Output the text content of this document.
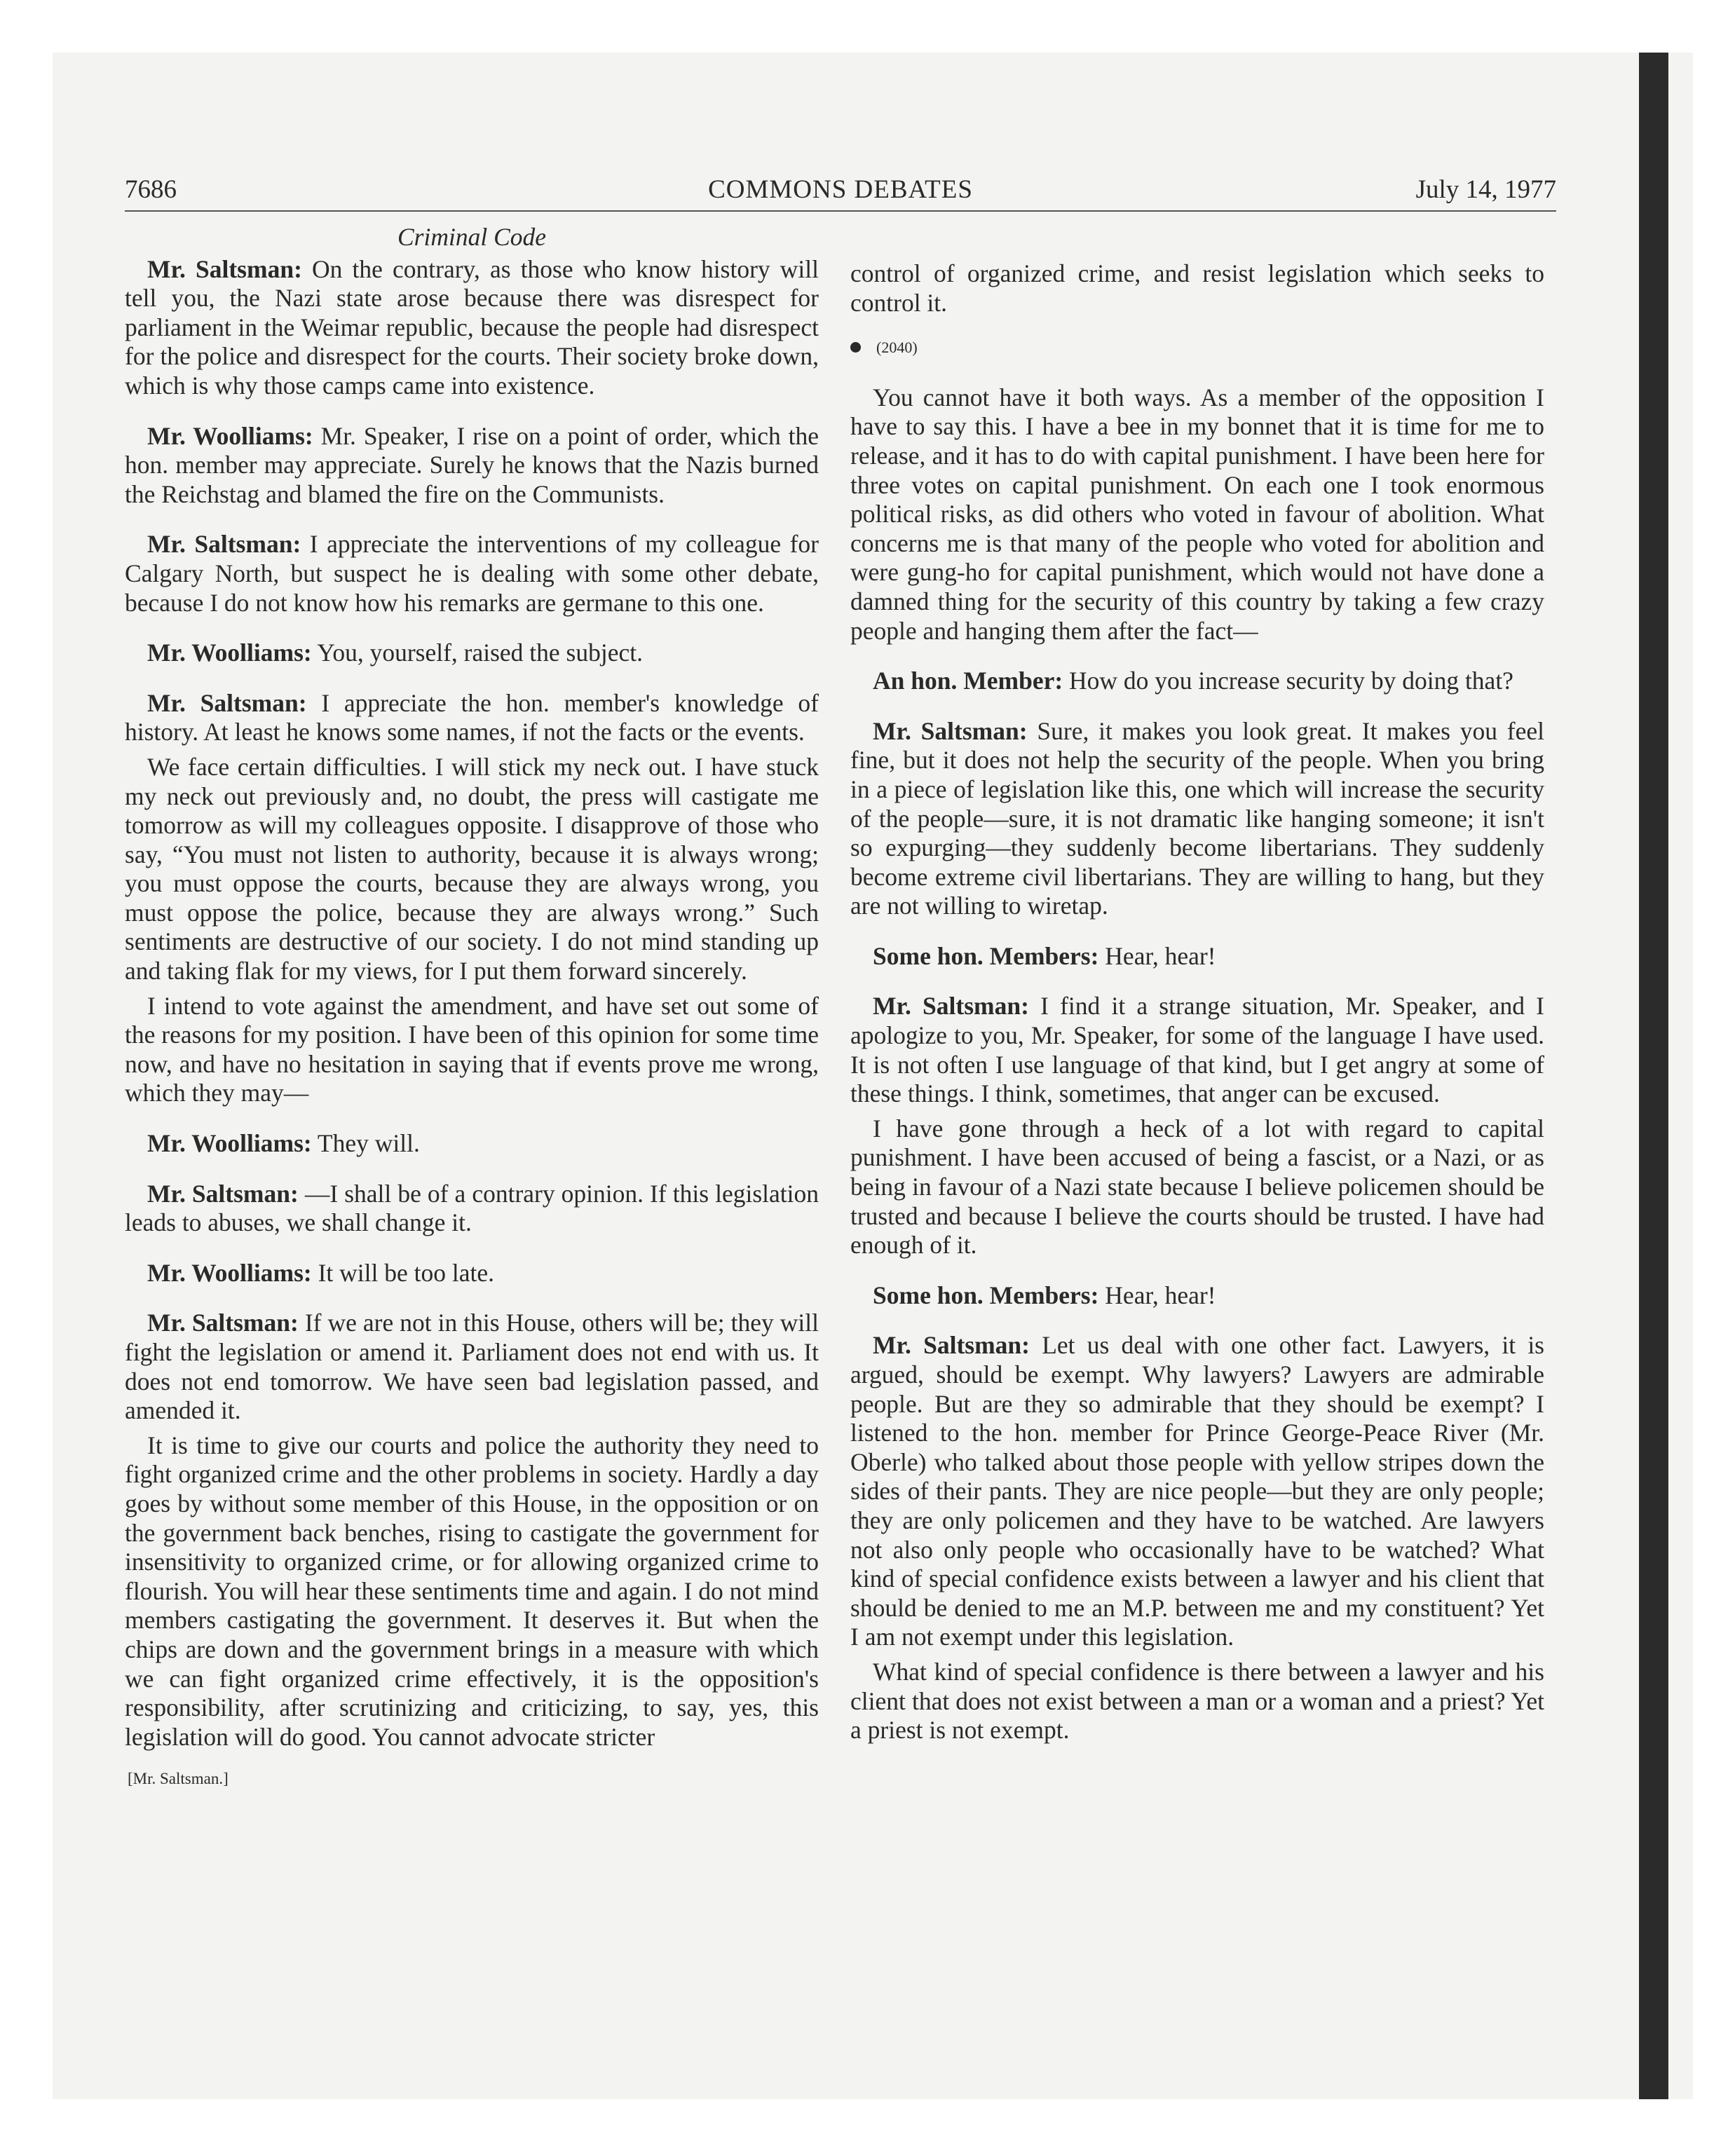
7686	COMMONS DEBATES	July 14, 1977
Criminal Code

Mr. Saltsman: On the contrary, as those who know history will tell you, the Nazi state arose because there was disrespect for parliament in the Weimar republic, because the people had disrespect for the police and disrespect for the courts. Their society broke down, which is why those camps came into existence.

Mr. Woolliams: Mr. Speaker, I rise on a point of order, which the hon. member may appreciate. Surely he knows that the Nazis burned the Reichstag and blamed the fire on the Communists.

Mr. Saltsman: I appreciate the interventions of my colleague for Calgary North, but suspect he is dealing with some other debate, because I do not know how his remarks are germane to this one.

Mr. Woolliams: You, yourself, raised the subject.

Mr. Saltsman: I appreciate the hon. member's knowledge of history. At least he knows some names, if not the facts or the events.

We face certain difficulties. I will stick my neck out. I have stuck my neck out previously and, no doubt, the press will castigate me tomorrow as will my colleagues opposite. I disapprove of those who say, “You must not listen to authority, because it is always wrong; you must oppose the courts, because they are always wrong, you must oppose the police, because they are always wrong.” Such sentiments are destructive of our society. I do not mind standing up and taking flak for my views, for I put them forward sincerely.

I intend to vote against the amendment, and have set out some of the reasons for my position. I have been of this opinion for some time now, and have no hesitation in saying that if events prove me wrong, which they may—

Mr. Woolliams: They will.

Mr. Saltsman: —I shall be of a contrary opinion. If this legislation leads to abuses, we shall change it.

Mr. Woolliams: It will be too late.

Mr. Saltsman: If we are not in this House, others will be; they will fight the legislation or amend it. Parliament does not end with us. It does not end tomorrow. We have seen bad legislation passed, and amended it.

It is time to give our courts and police the authority they need to fight organized crime and the other problems in society. Hardly a day goes by without some member of this House, in the opposition or on the government back benches, rising to castigate the government for insensitivity to organized crime, or for allowing organized crime to flourish. You will hear these sentiments time and again. I do not mind members castigating the government. It deserves it. But when the chips are down and the government brings in a measure with which we can fight organized crime effectively, it is the opposition's responsibility, after scrutinizing and criticizing, to say, yes, this legislation will do good. You cannot advocate stricter

[Mr. Saltsman.]

control of organized crime, and resist legislation which seeks to control it.

(2040)

You cannot have it both ways. As a member of the opposition I have to say this. I have a bee in my bonnet that it is time for me to release, and it has to do with capital punishment. I have been here for three votes on capital punishment. On each one I took enormous political risks, as did others who voted in favour of abolition. What concerns me is that many of the people who voted for abolition and were gung-ho for capital punishment, which would not have done a damned thing for the security of this country by taking a few crazy people and hanging them after the fact—

An hon. Member: How do you increase security by doing that?

Mr. Saltsman: Sure, it makes you look great. It makes you feel fine, but it does not help the security of the people. When you bring in a piece of legislation like this, one which will increase the security of the people—sure, it is not dramatic like hanging someone; it isn't so expurging—they suddenly become libertarians. They suddenly become extreme civil libertarians. They are willing to hang, but they are not willing to wiretap.

Some hon. Members: Hear, hear!

Mr. Saltsman: I find it a strange situation, Mr. Speaker, and I apologize to you, Mr. Speaker, for some of the language I have used. It is not often I use language of that kind, but I get angry at some of these things. I think, sometimes, that anger can be excused.

I have gone through a heck of a lot with regard to capital punishment. I have been accused of being a fascist, or a Nazi, or as being in favour of a Nazi state because I believe policemen should be trusted and because I believe the courts should be trusted. I have had enough of it.

Some hon. Members: Hear, hear!

Mr. Saltsman: Let us deal with one other fact. Lawyers, it is argued, should be exempt. Why lawyers? Lawyers are admirable people. But are they so admirable that they should be exempt? I listened to the hon. member for Prince George-Peace River (Mr. Oberle) who talked about those people with yellow stripes down the sides of their pants. They are nice people—but they are only people; they are only policemen and they have to be watched. Are lawyers not also only people who occasionally have to be watched? What kind of special confidence exists between a lawyer and his client that should be denied to me an M.P. between me and my constituent? Yet I am not exempt under this legislation.

What kind of special confidence is there between a lawyer and his client that does not exist between a man or a woman and a priest? Yet a priest is not exempt.
